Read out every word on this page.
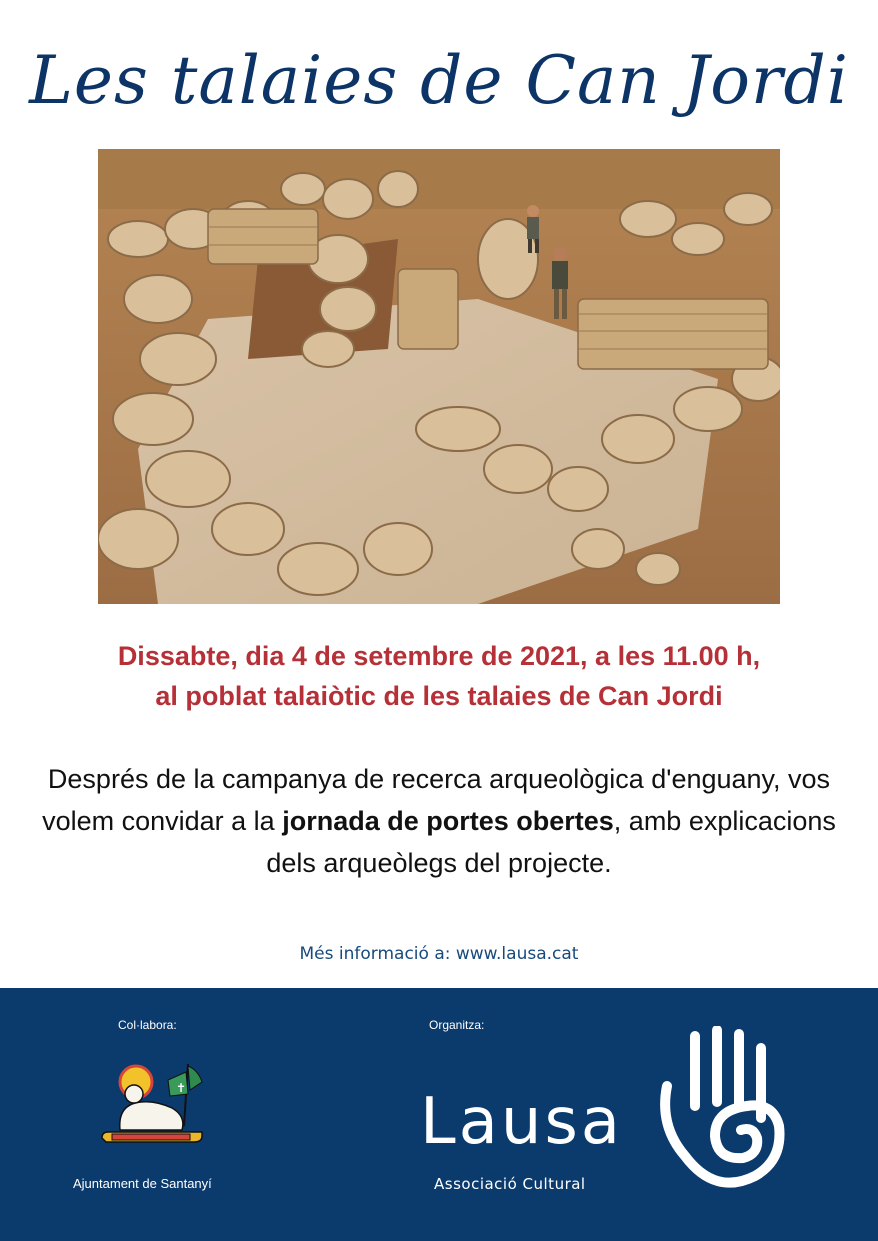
Les talaies de Can Jordi
Dissabte, dia 4 de setembre de 2021, a les 11.00 h,
al poblat talaiòtic de les talaies de Can Jordi
Després de la campanya de recerca arqueològica d'enguany, vos volem convidar a la jornada de portes obertes, amb explicacions dels arqueòlegs del projecte.
Més informació a: www.lausa.cat
Col·labora:	Organitza:
✝
Ajuntament de Santanyí
Lausa
Associació Cultural
